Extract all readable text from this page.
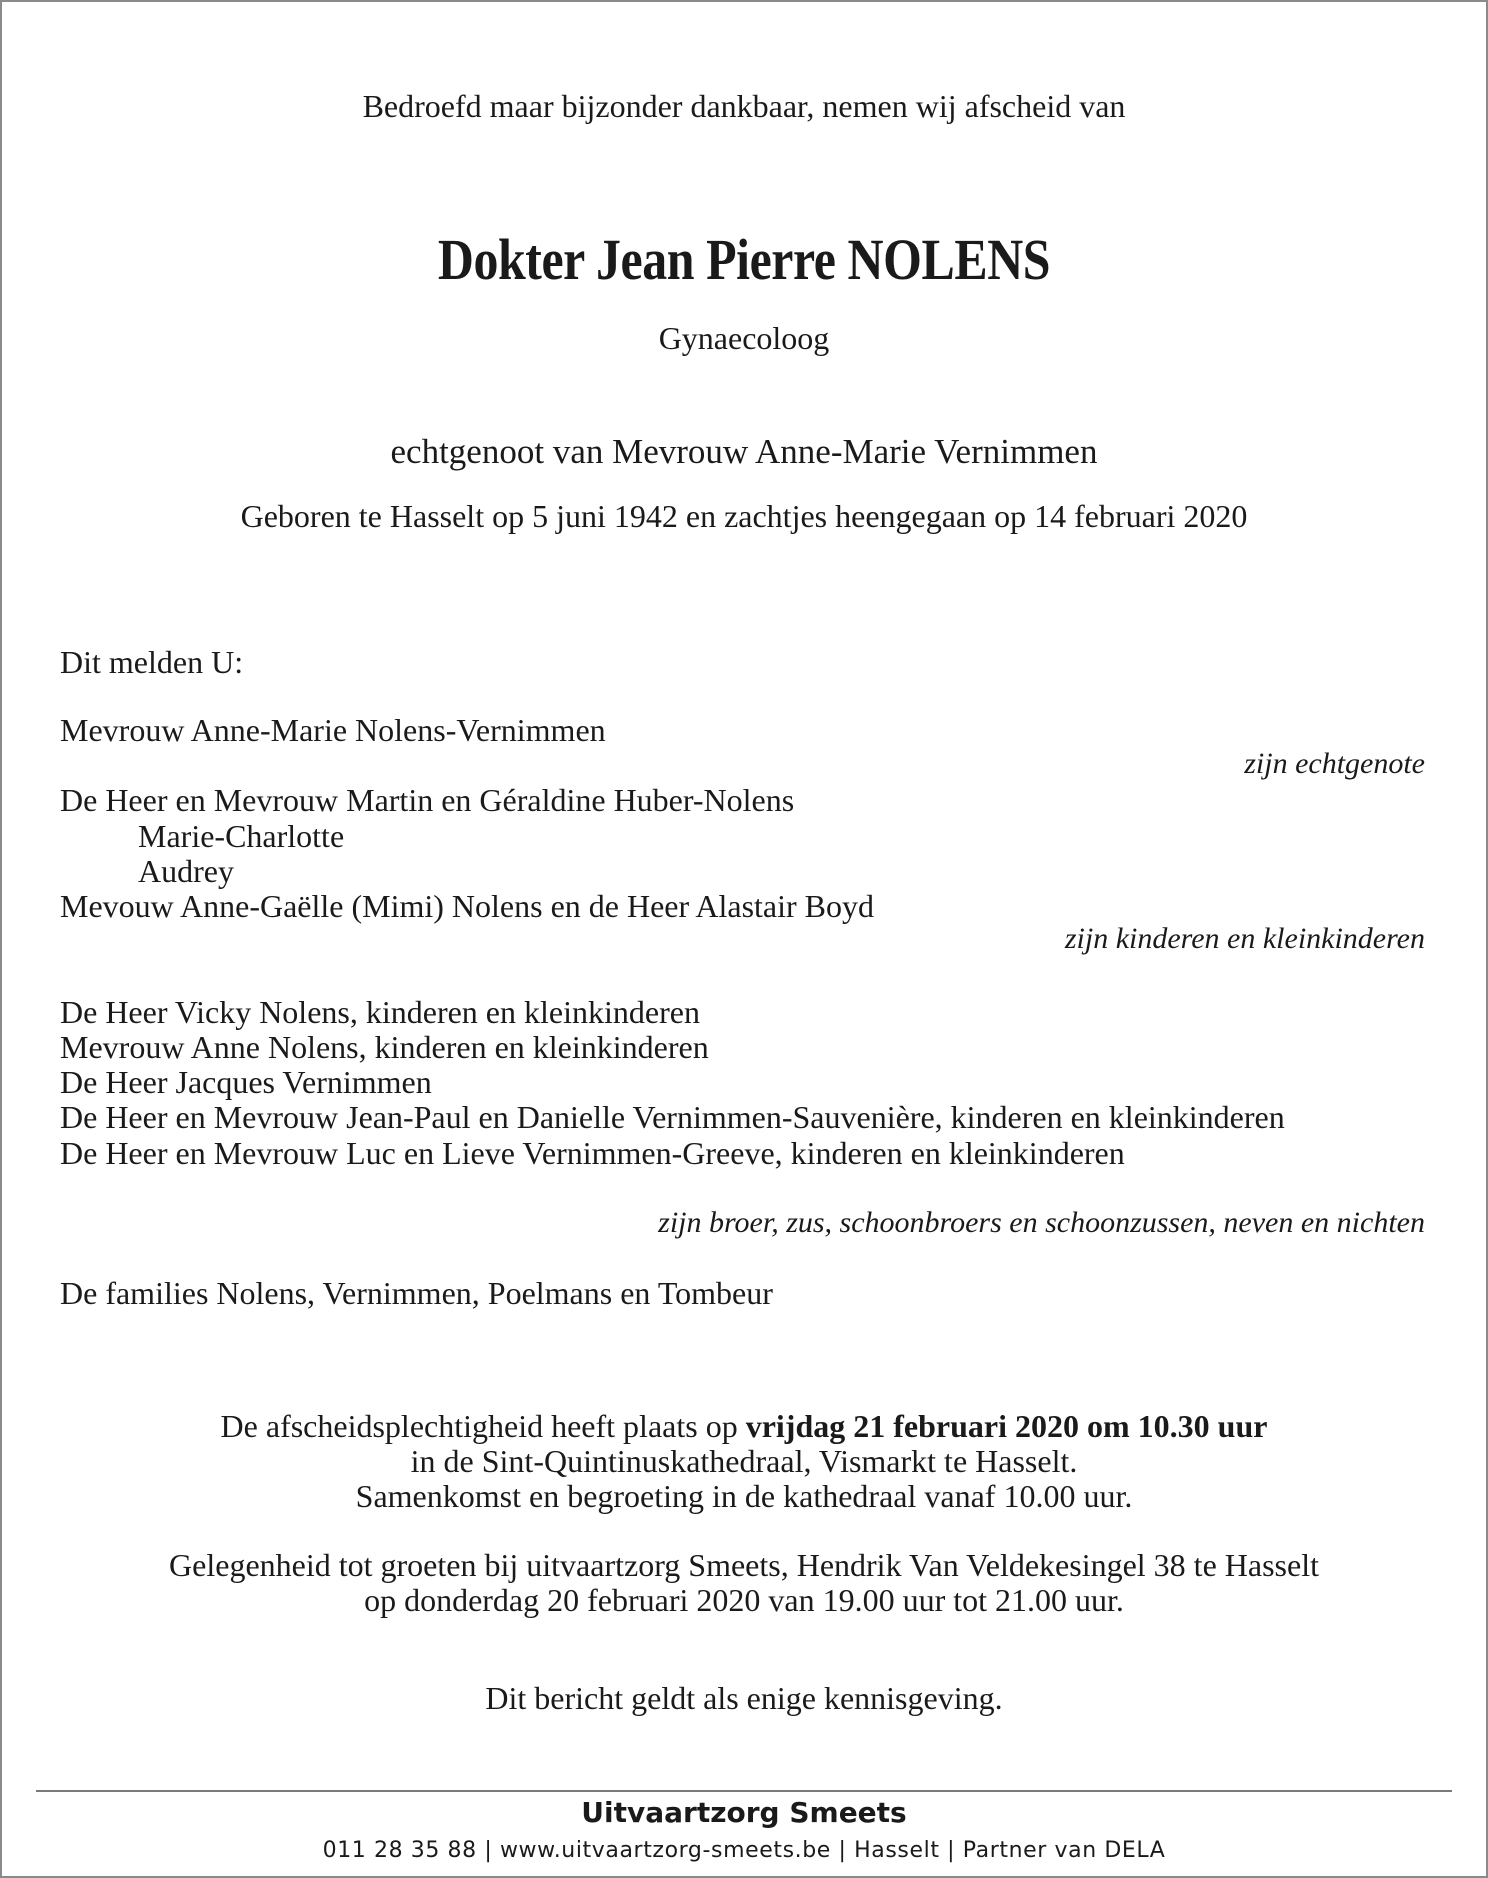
Bedroefd maar bijzonder dankbaar, nemen wij afscheid van
Dokter Jean Pierre NOLENS
Gynaecoloog
echtgenoot van Mevrouw Anne-Marie Vernimmen
Geboren te Hasselt op 5 juni 1942 en zachtjes heengegaan op 14 februari 2020
Dit melden U:
Mevrouw Anne-Marie Nolens-Vernimmen
zijn echtgenote
De Heer en Mevrouw Martin en Géraldine Huber-Nolens
Marie-Charlotte
Audrey
Mevouw Anne-Gaëlle (Mimi) Nolens en de Heer Alastair Boyd
zijn kinderen en kleinkinderen
De Heer Vicky Nolens, kinderen en kleinkinderen
Mevrouw Anne Nolens, kinderen en kleinkinderen
De Heer Jacques Vernimmen
De Heer en Mevrouw Jean-Paul en Danielle Vernimmen-Sauvenière, kinderen en kleinkinderen
De Heer en Mevrouw Luc en Lieve Vernimmen-Greeve, kinderen en kleinkinderen
zijn broer, zus, schoonbroers en schoonzussen, neven en nichten
De families Nolens, Vernimmen, Poelmans en Tombeur
De afscheidsplechtigheid heeft plaats op vrijdag 21 februari 2020 om 10.30 uur
in de Sint-Quintinuskathedraal, Vismarkt te Hasselt.
Samenkomst en begroeting in de kathedraal vanaf 10.00 uur.
Gelegenheid tot groeten bij uitvaartzorg Smeets, Hendrik Van Veldekesingel 38 te Hasselt
op donderdag 20 februari 2020 van 19.00 uur tot 21.00 uur.
Dit bericht geldt als enige kennisgeving.
Uitvaartzorg Smeets
011 28 35 88 | www.uitvaartzorg-smeets.be | Hasselt | Partner van DELA
